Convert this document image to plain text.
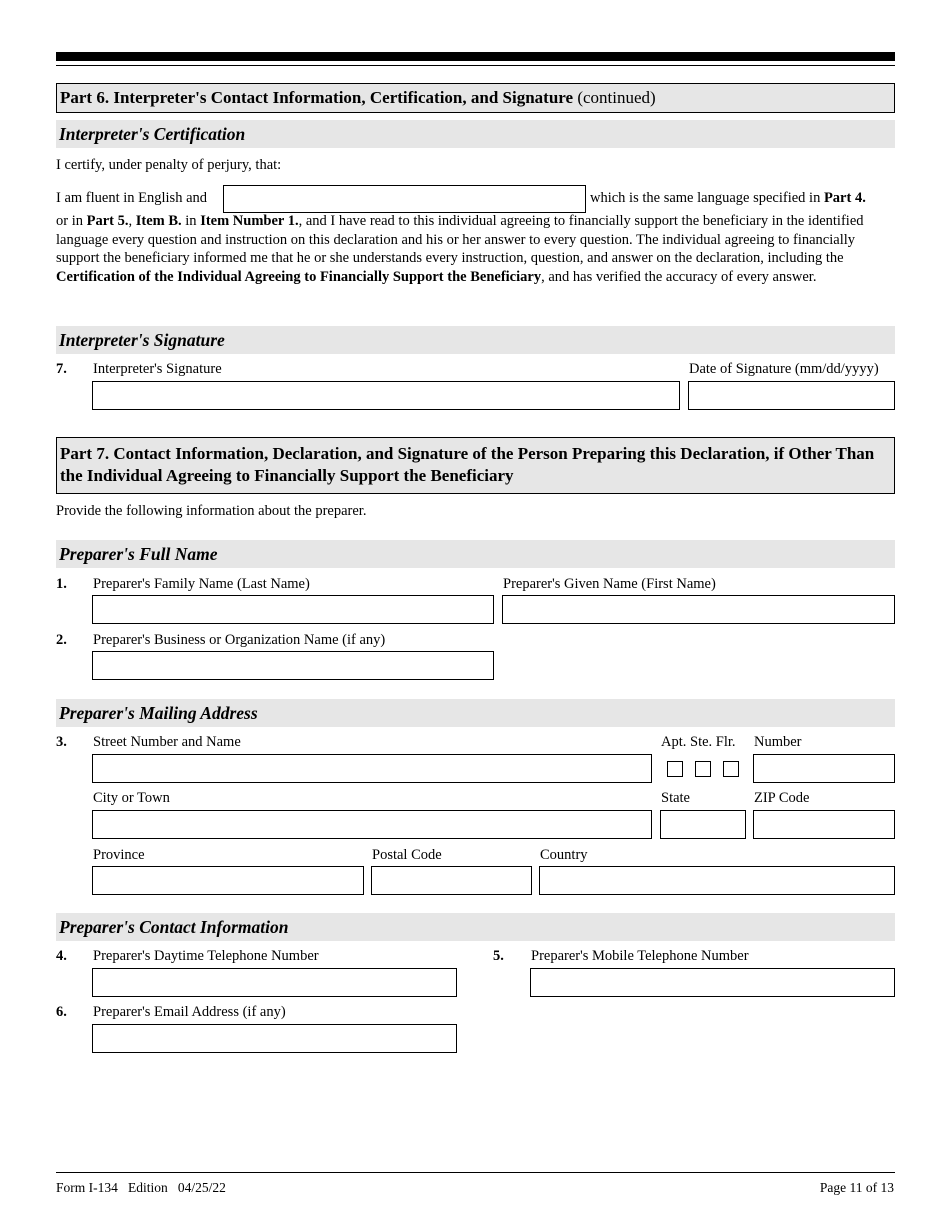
Part 6. Interpreter's Contact Information, Certification, and Signature (continued)
Interpreter's Certification
I certify, under penalty of perjury, that:
I am fluent in English and	which is the same language specified in Part 4.
or in Part 5., Item B. in Item Number 1., and I have read to this individual agreeing to financially support the beneficiary in the identified language every question and instruction on this declaration and his or her answer to every question. The individual agreeing to financially support the beneficiary informed me that he or she understands every instruction, question, and answer on the declaration, including the Certification of the Individual Agreeing to Financially Support the Beneficiary, and has verified the accuracy of every answer.
Interpreter's Signature
7. Interpreter's Signature	Date of Signature (mm/dd/yyyy)
Part 7. Contact Information, Declaration, and Signature of the Person Preparing this Declaration, if Other Than the Individual Agreeing to Financially Support the Beneficiary
Provide the following information about the preparer.
Preparer's Full Name
1. Preparer's Family Name (Last Name)	Preparer's Given Name (First Name)
2. Preparer's Business or Organization Name (if any)
Preparer's Mailing Address
3. Street Number and Name	Apt. Ste. Flr. Number
City or Town	State	ZIP Code
Province	Postal Code	Country
Preparer's Contact Information
4. Preparer's Daytime Telephone Number	5. Preparer's Mobile Telephone Number
6. Preparer's Email Address (if any)
Form I-134   Edition   04/25/22	Page 11 of 13
